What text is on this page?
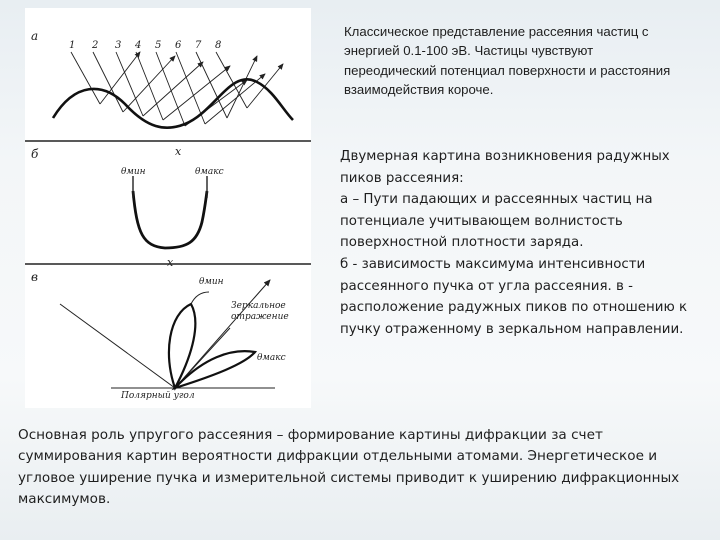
а
1 2 3 4 5 6 7 8
x
б
θмин	θмакс
x
в	θмин
Зеркальное
отражение
θмакс
Полярный угол

Классическое представление рассеяния частиц с энергией 0.1-100 эВ. Частицы чувствуют переодический потенциал поверхности и расстояния взаимодействия короче.

Двумерная картина возникновения радужных пиков рассеяния:

а – Пути падающих и рассеянных частиц на потенциале учитывающем волнистость поверхностной плотности заряда.

б - зависимость максимума интенсивности рассеянного пучка от угла рассеяния. в - расположение радужных пиков по отношению к пучку отраженному в зеркальном направлении.

Основная роль упругого рассеяния – формирование картины дифракции за счет суммирования картин вероятности дифракции отдельными атомами. Энергетическое и угловое уширение пучка и измерительной системы приводит к уширению дифракционных максимумов.
